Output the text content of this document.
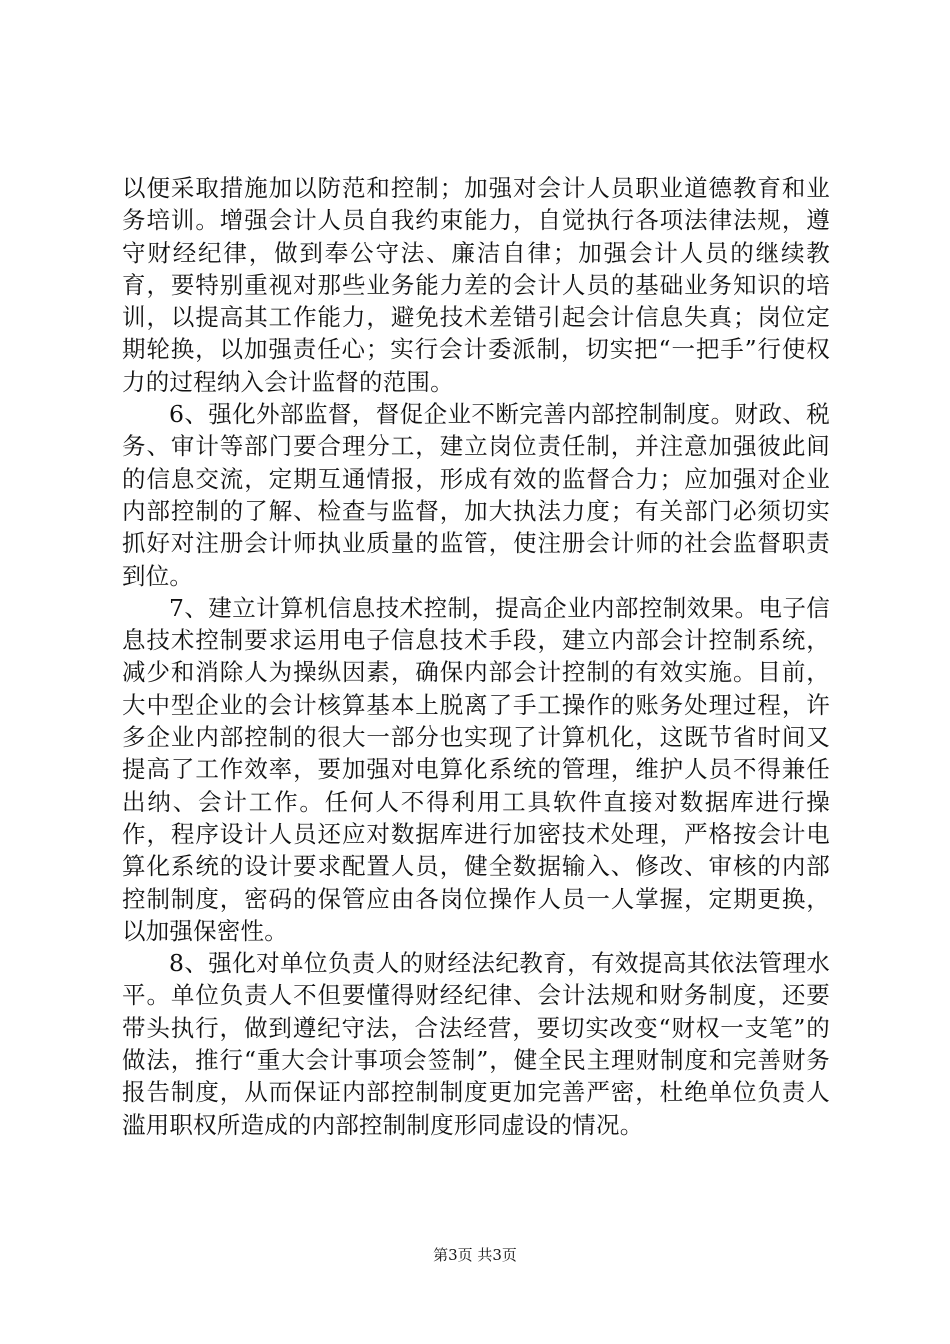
以便采取措施加以防范和控制；加强对会计人员职业道德教育和业务培训。增强会计人员自我约束能力，自觉执行各项法律法规，遵守财经纪律，做到奉公守法、廉洁自律；加强会计人员的继续教育，要特别重视对那些业务能力差的会计人员的基础业务知识的培训，以提高其工作能力，避免技术差错引起会计信息失真；岗位定期轮换，以加强责任心；实行会计委派制，切实把“一把手”行使权力的过程纳入会计监督的范围。

6、强化外部监督，督促企业不断完善内部控制制度。财政、税务、审计等部门要合理分工，建立岗位责任制，并注意加强彼此间的信息交流，定期互通情报，形成有效的监督合力；应加强对企业内部控制的了解、检查与监督，加大执法力度；有关部门必须切实抓好对注册会计师执业质量的监管，使注册会计师的社会监督职责到位。

7、建立计算机信息技术控制，提高企业内部控制效果。电子信息技术控制要求运用电子信息技术手段，建立内部会计控制系统，减少和消除人为操纵因素，确保内部会计控制的有效实施。目前，大中型企业的会计核算基本上脱离了手工操作的账务处理过程，许多企业内部控制的很大一部分也实现了计算机化，这既节省时间又提高了工作效率，要加强对电算化系统的管理，维护人员不得兼任出纳、会计工作。任何人不得利用工具软件直接对数据库进行操作，程序设计人员还应对数据库进行加密技术处理，严格按会计电算化系统的设计要求配置人员，健全数据输入、修改、审核的内部控制制度，密码的保管应由各岗位操作人员一人掌握，定期更换，以加强保密性。

8、强化对单位负责人的财经法纪教育，有效提高其依法管理水平。单位负责人不但要懂得财经纪律、会计法规和财务制度，还要带头执行，做到遵纪守法，合法经营，要切实改变“财权一支笔”的做法，推行“重大会计事项会签制”，健全民主理财制度和完善财务报告制度，从而保证内部控制制度更加完善严密，杜绝单位负责人滥用职权所造成的内部控制制度形同虚设的情况。

第3页 共3页
